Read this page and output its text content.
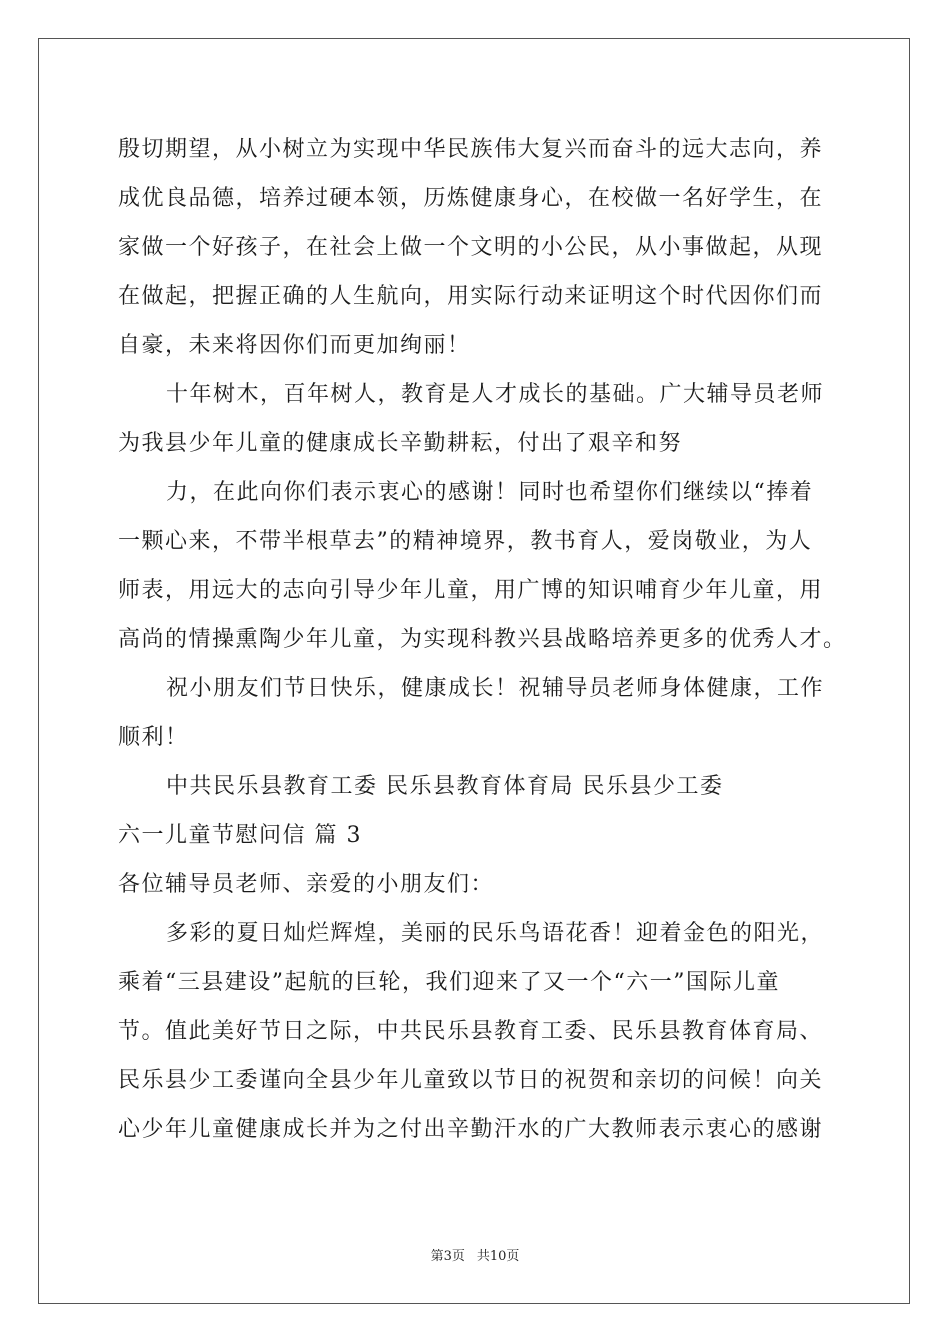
殷切期望，从小树立为实现中华民族伟大复兴而奋斗的远大志向，养
成优良品德，培养过硬本领，历炼健康身心，在校做一名好学生，在
家做一个好孩子，在社会上做一个文明的小公民，从小事做起，从现
在做起，把握正确的人生航向，用实际行动来证明这个时代因你们而
自豪，未来将因你们而更加绚丽！
十年树木，百年树人，教育是人才成长的基础。广大辅导员老师
为我县少年儿童的健康成长辛勤耕耘，付出了艰辛和努
力，在此向你们表示衷心的感谢！同时也希望你们继续以“捧着
一颗心来，不带半根草去”的精神境界，教书育人，爱岗敬业，为人
师表，用远大的志向引导少年儿童，用广博的知识哺育少年儿童，用
高尚的情操熏陶少年儿童，为实现科教兴县战略培养更多的优秀人才。
祝小朋友们节日快乐，健康成长！祝辅导员老师身体健康，工作
顺利！
中共民乐县教育工委 民乐县教育体育局 民乐县少工委
六一儿童节慰问信 篇 3
各位辅导员老师、亲爱的小朋友们：
多彩的夏日灿烂辉煌，美丽的民乐鸟语花香！迎着金色的阳光，
乘着“三县建设”起航的巨轮，我们迎来了又一个“六一”国际儿童
节。值此美好节日之际，中共民乐县教育工委、民乐县教育体育局、
民乐县少工委谨向全县少年儿童致以节日的祝贺和亲切的问候！向关
心少年儿童健康成长并为之付出辛勤汗水的广大教师表示衷心的感谢
第3页 共10页
